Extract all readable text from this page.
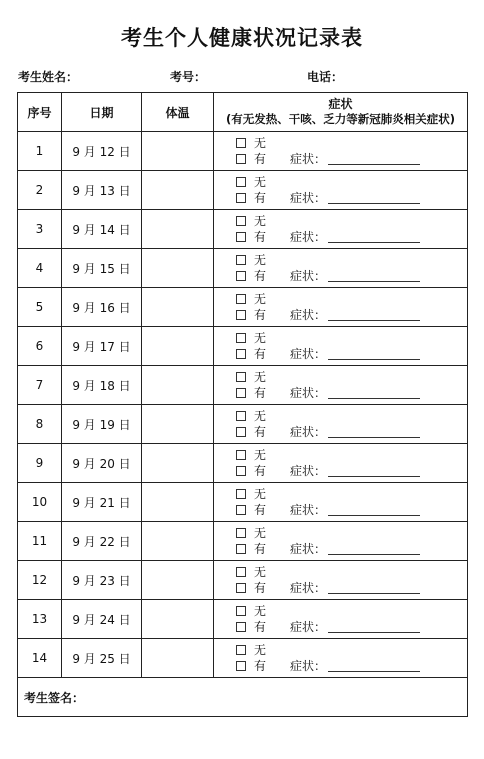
考生个人健康状况记录表
考生姓名：	考号：	电话：
序号	日期	体温	症状
(有无发热、干咳、乏力等新冠肺炎相关症状)

1	9 月 12 日		无
有 症状：

2	9 月 13 日		无
有 症状：

3	9 月 14 日		无
有 症状：

4	9 月 15 日		无
有 症状：

5	9 月 16 日		无
有 症状：

6	9 月 17 日		无
有 症状：

7	9 月 18 日		无
有 症状：

8	9 月 19 日		无
有 症状：

9	9 月 20 日		无
有 症状：

10	9 月 21 日		无
有 症状：

11	9 月 22 日		无
有 症状：

12	9 月 23 日		无
有 症状：

13	9 月 24 日		无
有 症状：

14	9 月 25 日		无
有 症状：

考生签名：			
